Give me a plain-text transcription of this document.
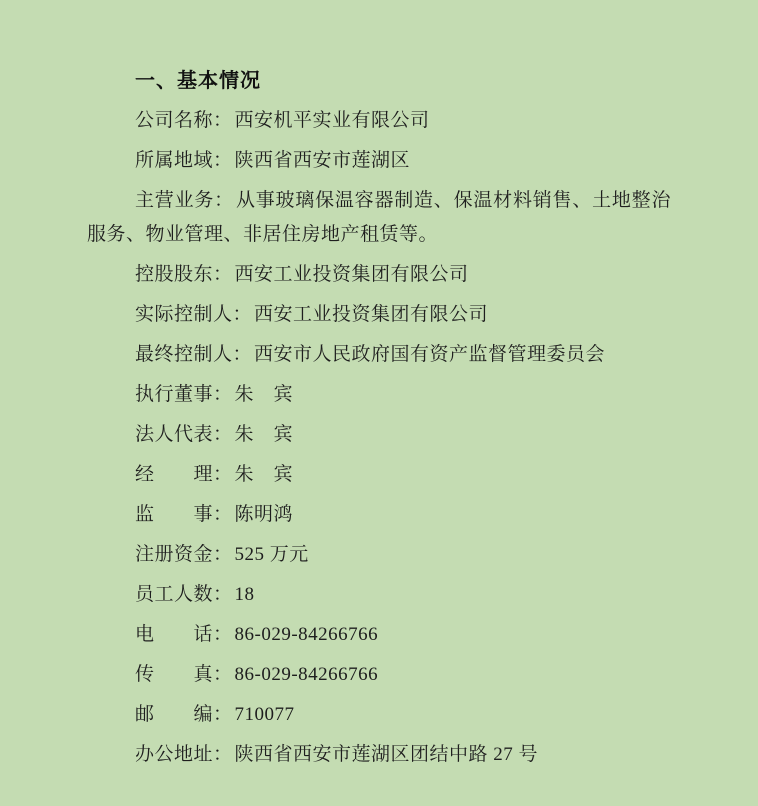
一、基本情况

公司名称： 西安机平实业有限公司

所属地域： 陕西省西安市莲湖区

主营业务： 从事玻璃保温容器制造、保温材料销售、土地整治服务、物业管理、非居住房地产租赁等。

控股股东： 西安工业投资集团有限公司

实际控制人： 西安工业投资集团有限公司

最终控制人： 西安市人民政府国有资产监督管理委员会

执行董事： 朱　宾

法人代表： 朱　宾

经　　理： 朱　宾

监　　事： 陈明鸿

注册资金： 525 万元

员工人数： 18

电　　话： 86-029-84266766

传　　真： 86-029-84266766

邮　　编： 710077

办公地址： 陕西省西安市莲湖区团结中路 27 号
